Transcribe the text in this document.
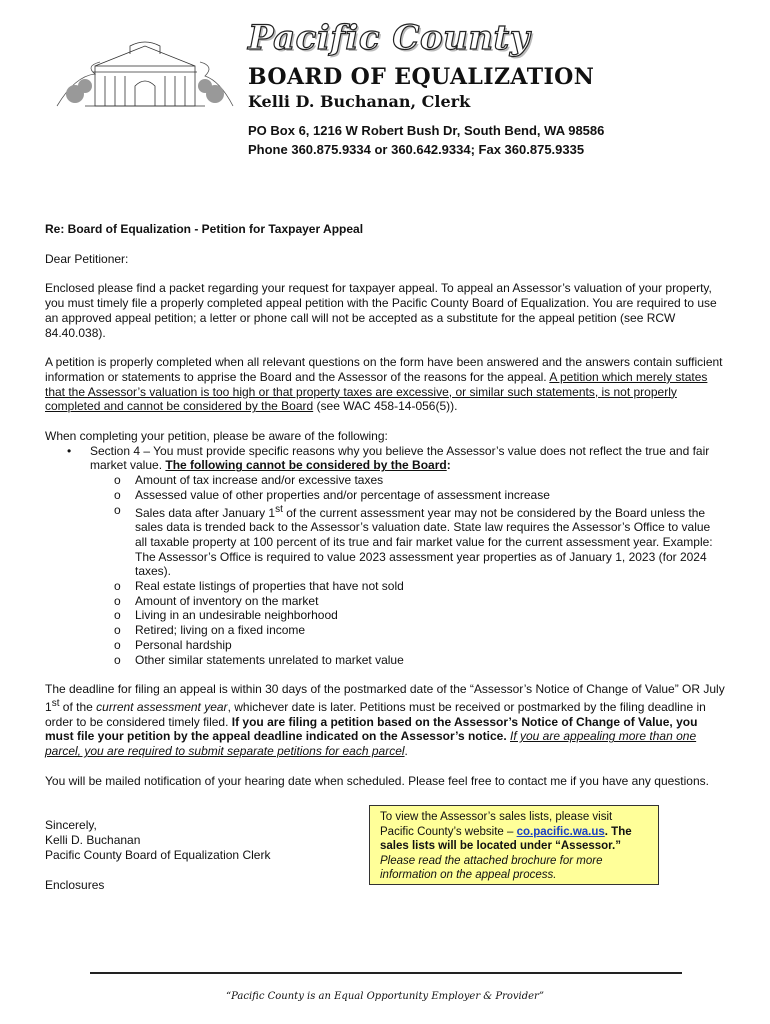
Pacific County
BOARD OF EQUALIZATION
Kelli D. Buchanan, Clerk
PO Box 6, 1216 W Robert Bush Dr, South Bend, WA 98586
Phone 360.875.9334 or 360.642.9334; Fax 360.875.9335

Re: Board of Equalization - Petition for Taxpayer Appeal

Dear Petitioner:

Enclosed please find a packet regarding your request for taxpayer appeal. To appeal an Assessor’s valuation of your property, you must timely file a properly completed appeal petition with the Pacific County Board of Equalization. You are required to use an approved appeal petition; a letter or phone call will not be accepted as a substitute for the appeal petition (see RCW 84.40.038).

A petition is properly completed when all relevant questions on the form have been answered and the answers contain sufficient information or statements to apprise the Board and the Assessor of the reasons for the appeal. A petition which merely states that the Assessor’s valuation is too high or that property taxes are excessive, or similar such statements, is not properly completed and cannot be considered by the Board (see WAC 458-14-056(5)).

When completing your petition, please be aware of the following:
• Section 4 – You must provide specific reasons why you believe the Assessor’s value does not reflect the true and fair market value. The following cannot be considered by the Board:
o Amount of tax increase and/or excessive taxes
o Assessed value of other properties and/or percentage of assessment increase
o Sales data after January 1st of the current assessment year may not be considered by the Board unless the sales data is trended back to the Assessor’s valuation date. State law requires the Assessor’s Office to value all taxable property at 100 percent of its true and fair market value for the current assessment year. Example: The Assessor’s Office is required to value 2023 assessment year properties as of January 1, 2023 (for 2024 taxes).
o Real estate listings of properties that have not sold
o Amount of inventory on the market
o Living in an undesirable neighborhood
o Retired; living on a fixed income
o Personal hardship
o Other similar statements unrelated to market value

The deadline for filing an appeal is within 30 days of the postmarked date of the “Assessor’s Notice of Change of Value” OR July 1st of the current assessment year, whichever date is later. Petitions must be received or postmarked by the filing deadline in order to be considered timely filed. If you are filing a petition based on the Assessor’s Notice of Change of Value, you must file your petition by the appeal deadline indicated on the Assessor’s notice. If you are appealing more than one parcel, you are required to submit separate petitions for each parcel.

You will be mailed notification of your hearing date when scheduled. Please feel free to contact me if you have any questions.

Sincerely,
Kelli D. Buchanan
Pacific County Board of Equalization Clerk
Enclosures
To view the Assessor’s sales lists, please visit Pacific County’s website – co.pacific.wa.us. The sales lists will be located under “Assessor.”
Please read the attached brochure for more information on the appeal process.
“Pacific County is an Equal Opportunity Employer & Provider”
